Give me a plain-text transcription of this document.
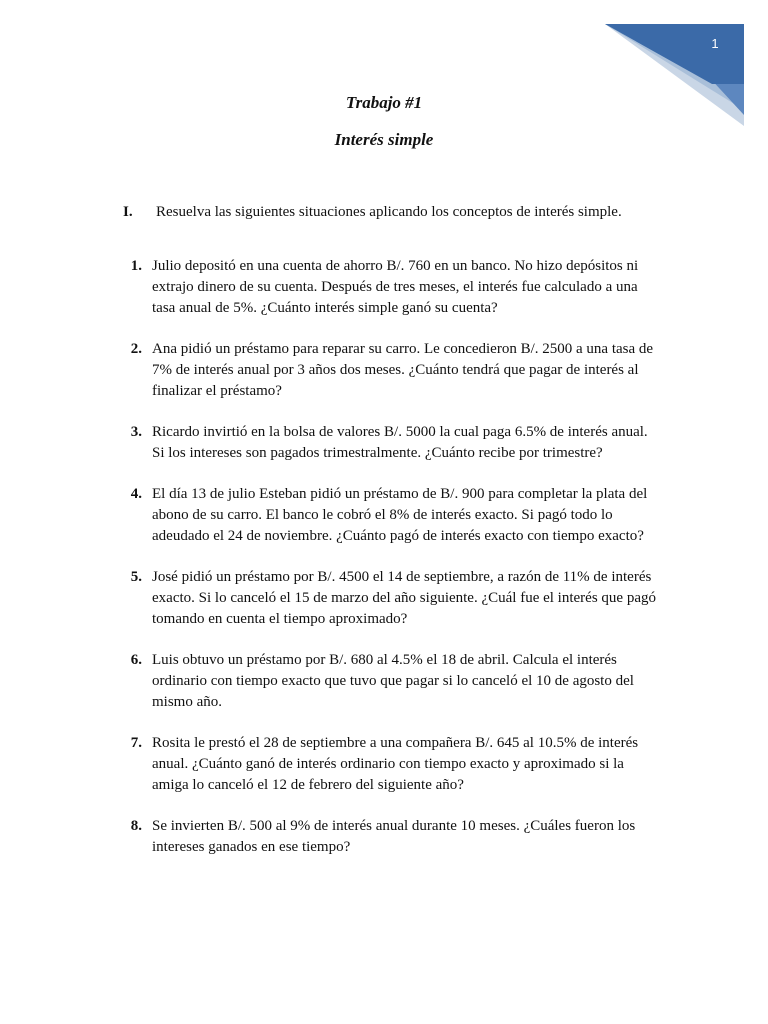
1
Trabajo #1
Interés simple
I. Resuelva las siguientes situaciones aplicando los conceptos de interés simple.
1. Julio depositó en una cuenta de ahorro B/. 760 en un banco. No hizo depósitos ni
extrajo dinero de su cuenta. Después de tres meses, el interés fue calculado a una
tasa anual de 5%. ¿Cuánto interés simple ganó su cuenta?
2. Ana pidió un préstamo para reparar su carro. Le concedieron B/. 2500 a una tasa de
7% de interés anual por 3 años dos meses. ¿Cuánto tendrá que pagar de interés al
finalizar el préstamo?
3. Ricardo invirtió en la bolsa de valores B/. 5000 la cual paga 6.5% de interés anual.
Si los intereses son pagados trimestralmente. ¿Cuánto recibe por trimestre?
4. El día 13 de julio Esteban pidió un préstamo de B/. 900 para completar la plata del
abono de su carro. El banco le cobró el 8% de interés exacto. Si pagó todo lo
adeudado el 24 de noviembre. ¿Cuánto pagó de interés exacto con tiempo exacto?
5. José pidió un préstamo por B/. 4500 el 14 de septiembre, a razón de 11% de interés
exacto. Si lo canceló el 15 de marzo del año siguiente. ¿Cuál fue el interés que pagó
tomando en cuenta el tiempo aproximado?
6. Luis obtuvo un préstamo por B/. 680 al 4.5% el 18 de abril. Calcula el interés
ordinario con tiempo exacto que tuvo que pagar si lo canceló el 10 de agosto del
mismo año.
7. Rosita le prestó el 28 de septiembre a una compañera B/. 645 al 10.5% de interés
anual. ¿Cuánto ganó de interés ordinario con tiempo exacto y aproximado si la
amiga lo canceló el 12 de febrero del siguiente año?
8. Se invierten B/. 500 al 9% de interés anual durante 10 meses. ¿Cuáles fueron los
intereses ganados en ese tiempo?
